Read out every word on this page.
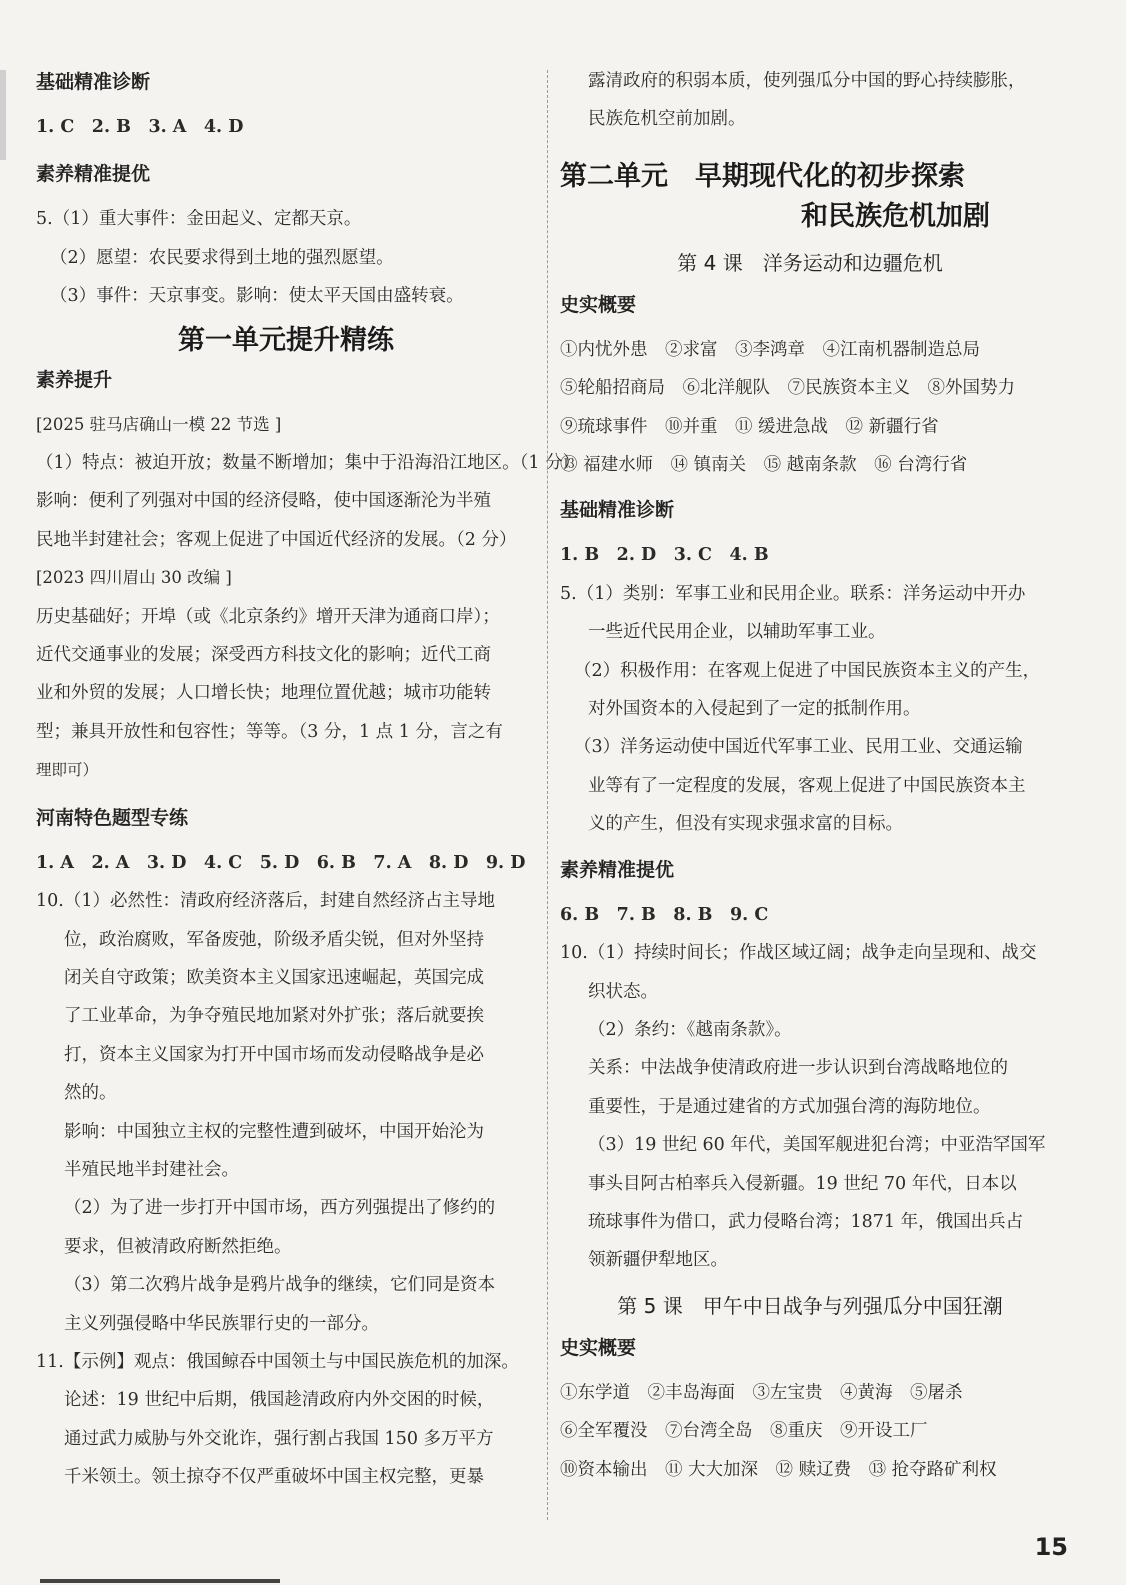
基础精准诊断
1. C　2. B　3. A　4. D
素养精准提优
5.（1）重大事件：金田起义、定都天京。
（2）愿望：农民要求得到土地的强烈愿望。
（3）事件：天京事变。影响：使太平天国由盛转衰。
第一单元提升精练
素养提升
[2025 驻马店确山一模 22 节选 ]
（1）特点：被迫开放；数量不断增加；集中于沿海沿江地区。（1 分）
影响：便利了列强对中国的经济侵略，使中国逐渐沦为半殖
民地半封建社会；客观上促进了中国近代经济的发展。（2 分）
[2023 四川眉山 30 改编 ]
历史基础好；开埠（或《北京条约》增开天津为通商口岸）；
近代交通事业的发展；深受西方科技文化的影响；近代工商
业和外贸的发展；人口增长快；地理位置优越；城市功能转
型；兼具开放性和包容性；等等。（3 分，1 点 1 分，言之有
理即可）
河南特色题型专练
1. A　2. A　3. D　4. C　5. D　6. B　7. A　8. D　9. D
10.（1）必然性：清政府经济落后，封建自然经济占主导地
位，政治腐败，军备废弛，阶级矛盾尖锐，但对外坚持
闭关自守政策；欧美资本主义国家迅速崛起，英国完成
了工业革命，为争夺殖民地加紧对外扩张；落后就要挨
打，资本主义国家为打开中国市场而发动侵略战争是必
然的。
影响：中国独立主权的完整性遭到破坏，中国开始沦为
半殖民地半封建社会。
（2）为了进一步打开中国市场，西方列强提出了修约的
要求，但被清政府断然拒绝。
（3）第二次鸦片战争是鸦片战争的继续，它们同是资本
主义列强侵略中华民族罪行史的一部分。
11.【示例】观点：俄国鲸吞中国领土与中国民族危机的加深。
论述：19 世纪中后期，俄国趁清政府内外交困的时候，
通过武力威胁与外交讹诈，强行割占我国 150 多万平方
千米领土。领土掠夺不仅严重破坏中国主权完整，更暴
露清政府的积弱本质，使列强瓜分中国的野心持续膨胀，
民族危机空前加剧。
第二单元　早期现代化的初步探索
和民族危机加剧
第 4 课　洋务运动和边疆危机
史实概要
①内忧外患　②求富　③李鸿章　④江南机器制造总局
⑤轮船招商局　⑥北洋舰队　⑦民族资本主义　⑧外国势力
⑨琉球事件　⑩并重　⑪ 缓进急战　⑫ 新疆行省
⑬ 福建水师　⑭ 镇南关　⑮ 越南条款　⑯ 台湾行省
基础精准诊断
1. B　2. D　3. C　4. B
5.（1）类别：军事工业和民用企业。联系：洋务运动中开办
一些近代民用企业，以辅助军事工业。
（2）积极作用：在客观上促进了中国民族资本主义的产生，
对外国资本的入侵起到了一定的抵制作用。
（3）洋务运动使中国近代军事工业、民用工业、交通运输
业等有了一定程度的发展，客观上促进了中国民族资本主
义的产生，但没有实现求强求富的目标。
素养精准提优
6. B　7. B　8. B　9. C
10.（1）持续时间长；作战区域辽阔；战争走向呈现和、战交
织状态。
（2）条约：《越南条款》。
关系：中法战争使清政府进一步认识到台湾战略地位的
重要性，于是通过建省的方式加强台湾的海防地位。
（3）19 世纪 60 年代，美国军舰进犯台湾；中亚浩罕国军
事头目阿古柏率兵入侵新疆。19 世纪 70 年代，日本以
琉球事件为借口，武力侵略台湾；1871 年，俄国出兵占
领新疆伊犁地区。
第 5 课　甲午中日战争与列强瓜分中国狂潮
史实概要
①东学道　②丰岛海面　③左宝贵　④黄海　⑤屠杀
⑥全军覆没　⑦台湾全岛　⑧重庆　⑨开设工厂
⑩资本输出　⑪ 大大加深　⑫ 赎辽费　⑬ 抢夺路矿利权
15
